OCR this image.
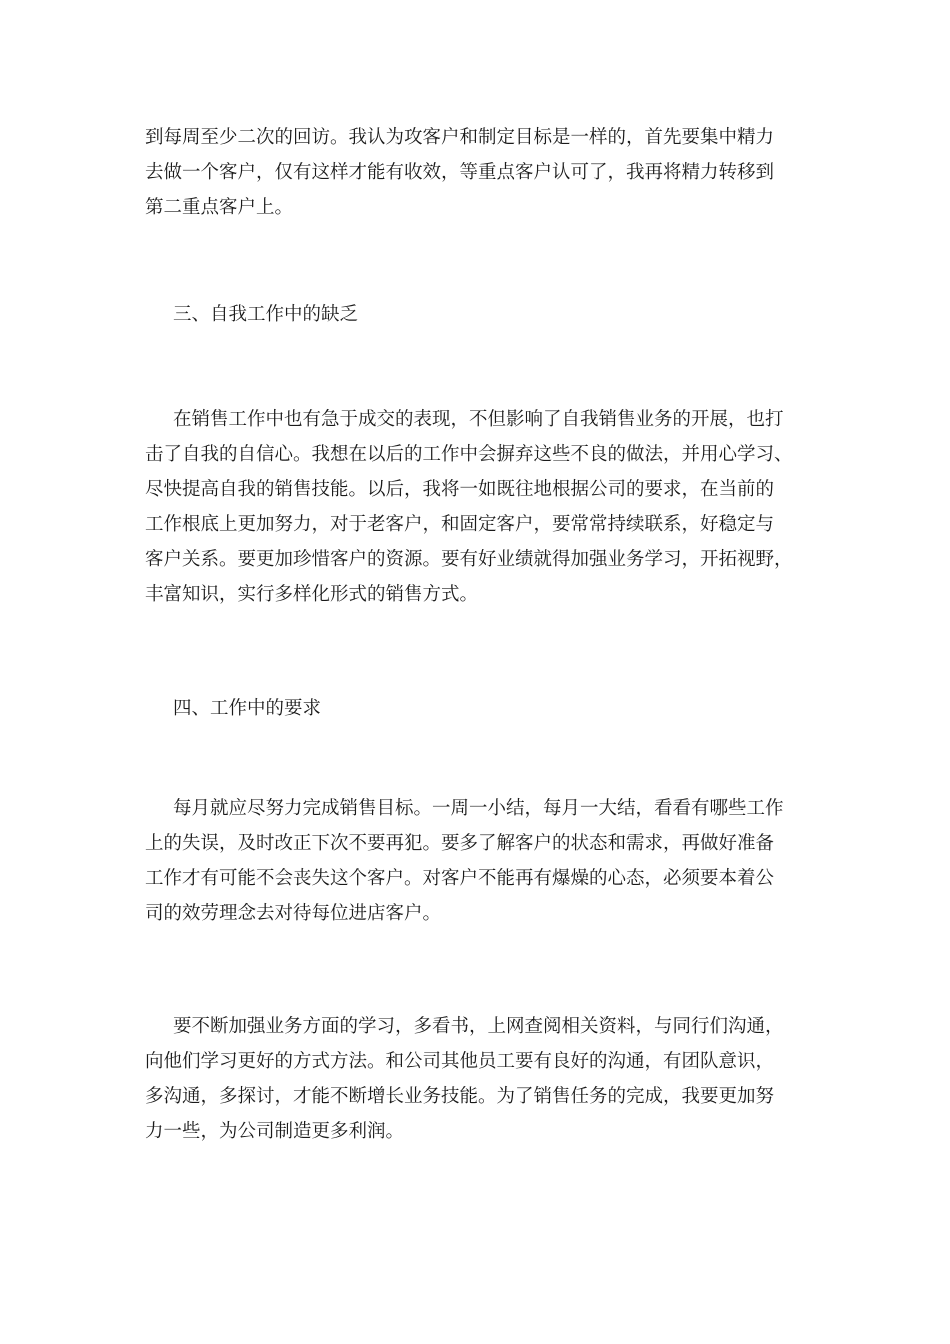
到每周至少二次的回访。我认为攻客户和制定目标是一样的，首先要集中精力
去做一个客户，仅有这样才能有收效，等重点客户认可了，我再将精力转移到
第二重点客户上。

三、自我工作中的缺乏

在销售工作中也有急于成交的表现，不但影响了自我销售业务的开展，也打
击了自我的自信心。我想在以后的工作中会摒弃这些不良的做法，并用心学习、
尽快提高自我的销售技能。以后，我将一如既往地根据公司的要求，在当前的
工作根底上更加努力，对于老客户，和固定客户，要常常持续联系，好稳定与
客户关系。要更加珍惜客户的资源。要有好业绩就得加强业务学习，开拓视野，
丰富知识，实行多样化形式的销售方式。

四、工作中的要求

每月就应尽努力完成销售目标。一周一小结，每月一大结，看看有哪些工作
上的失误，及时改正下次不要再犯。要多了解客户的状态和需求，再做好准备
工作才有可能不会丧失这个客户。对客户不能再有爆燥的心态，必须要本着公
司的效劳理念去对待每位进店客户。

要不断加强业务方面的学习，多看书，上网查阅相关资料，与同行们沟通，
向他们学习更好的方式方法。和公司其他员工要有良好的沟通，有团队意识，
多沟通，多探讨，才能不断增长业务技能。为了销售任务的完成，我要更加努
力一些，为公司制造更多利润。
